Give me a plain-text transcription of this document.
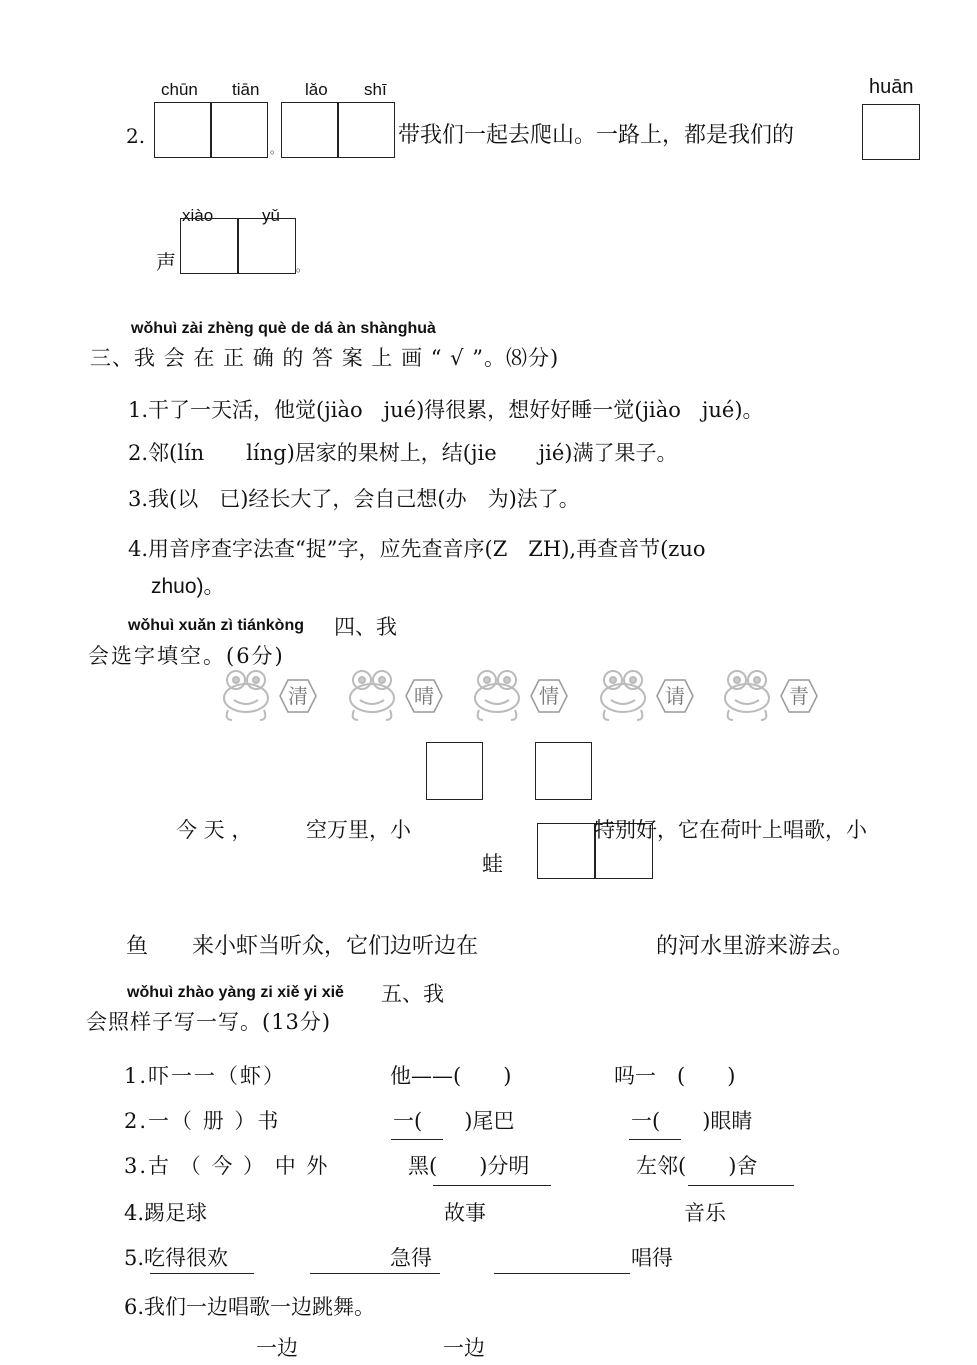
2.
chūn tiān	lǎo shī
。
带我们一起去爬山。一路上，都是我们的
huān
声
xiào	yǔ
。
wǒhuì zài zhèng què de dá àn shànghuà
三、我 会 在 正 确 的 答 案 上 画 “ √ ”。⑻分)
1.干了一天活，他觉(jiào　jué)得很累，想好好睡一觉(jiào　jué)。
2.邻(lín　　líng)居家的果树上，结(jie　　jié)满了果子。
3.我(以　已)经长大了，会自己想(办　为)法了。
4.用音序查字法查“捉”字，应先查音序(Z　ZH),再查音节(zuo
zhuo)。
wǒhuì xuǎn zì tiánkòng 四、我
会选字填空。(6分)
清	晴	情	请	青
今 天 ，	空万里，小	特别好，它在荷叶上唱歌，小
蛙
鱼 来小虾当听众，它们边听边在	的河水里游来游去。
wǒhuì zhào yàng zi xiě yi xiě 五、我
会照样子写一写。(13分)
1.吓一一（虾）	他——(　　)	吗一　(　　)
2.一（ 册 ）书	一(　　)尾巴	一(　　)眼睛
3.古 （ 今 ） 中 外	黑(　　)分明	左邻(　　)舍
4.踢足球	故事	音乐
5.吃得很欢	急得	唱得
6.我们一边唱歌一边跳舞。
一边	一边
